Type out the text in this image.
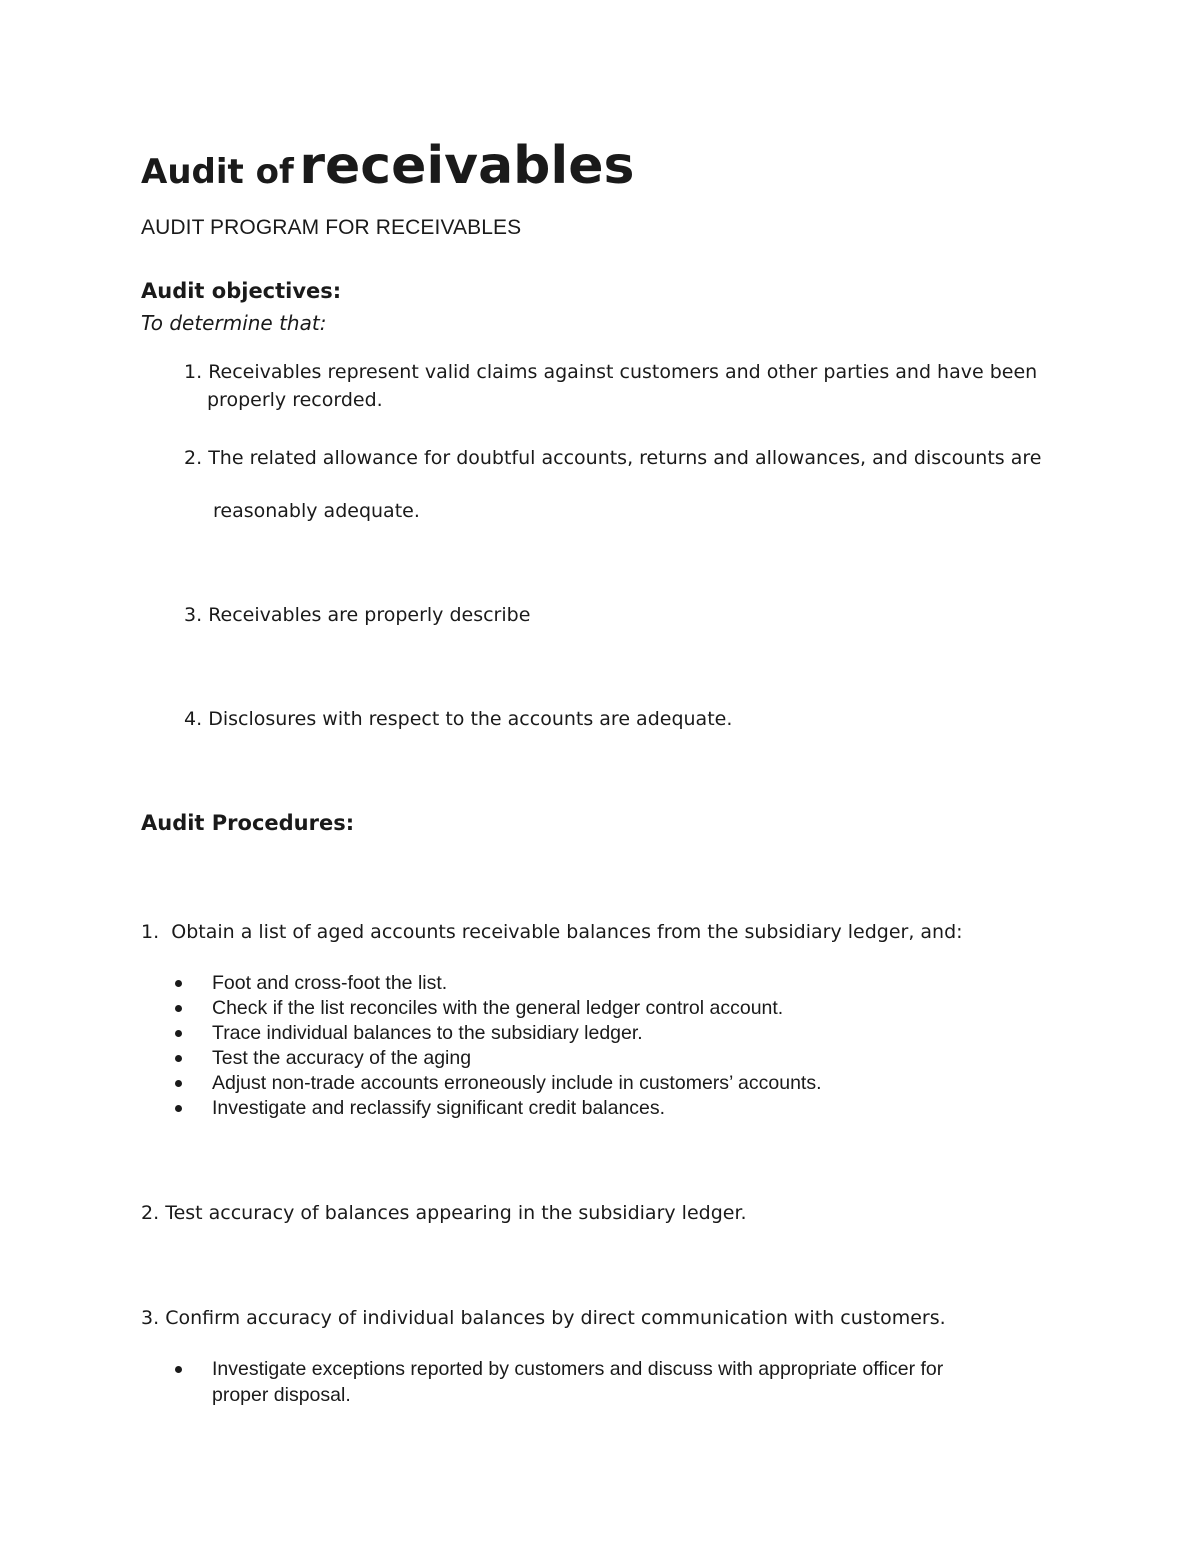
Audit of receivables
AUDIT PROGRAM FOR RECEIVABLES
Audit objectives:
To determine that:
1. Receivables represent valid claims against customers and other parties and have been
properly recorded.
2. The related allowance for doubtful accounts, returns and allowances, and discounts are
reasonably adequate.
3. Receivables are properly describe
4. Disclosures with respect to the accounts are adequate.
Audit Procedures:
1. Obtain a list of aged accounts receivable balances from the subsidiary ledger, and:
Foot and cross-foot the list.
Check if the list reconciles with the general ledger control account.
Trace individual balances to the subsidiary ledger.
Test the accuracy of the aging
Adjust non-trade accounts erroneously include in customers’ accounts.
Investigate and reclassify significant credit balances.
2. Test accuracy of balances appearing in the subsidiary ledger.
3. Confirm accuracy of individual balances by direct communication with customers.
Investigate exceptions reported by customers and discuss with appropriate officer for
proper disposal.
